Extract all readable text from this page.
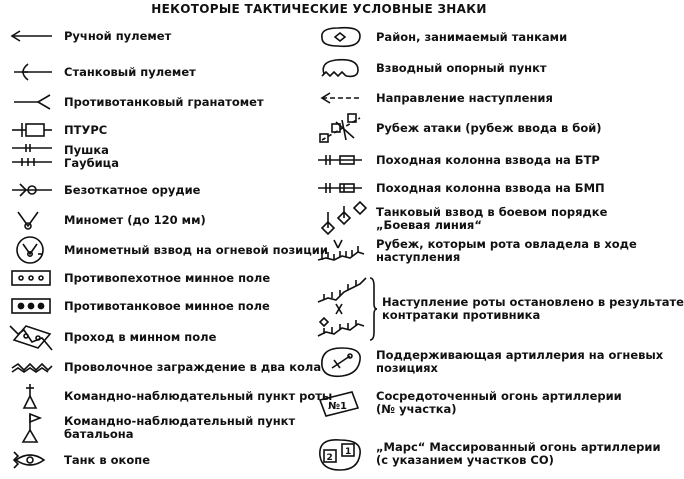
НЕКОТОРЫЕ ТАКТИЧЕСКИЕ УСЛОВНЫЕ ЗНАКИ
Ручной пулемет
Станковый пулемет
Противотанковый гранатомет
ПТУРС
Пушка
Гаубица
Безоткатное орудие
Миномет (до 120 мм)
Минометный взвод на огневой позиции
Противопехотное минное поле
Противотанковое минное поле
Проход в минном поле
Проволочное заграждение в два кола
Командно-наблюдательный пункт роты
Командно-наблюдательный пункт
батальона
Танк в окопе
Район, занимаемый танками
Взводный опорный пункт
Направление наступления
Рубеж атаки (рубеж ввода в бой)
Походная колонна взвода на БТР
Походная колонна взвода на БМП
Танковый взвод в боевом порядке
„Боевая линия“
Рубеж, которым рота овладела в ходе
наступления
Наступление роты остановлено в результате
контратаки противника
Поддерживающая артиллерия на огневых
позициях
№1
Сосредоточенный огонь артиллерии
(№ участка)
2
1 „Марс“ Массированный огонь артиллерии
(с указанием участков СО)
